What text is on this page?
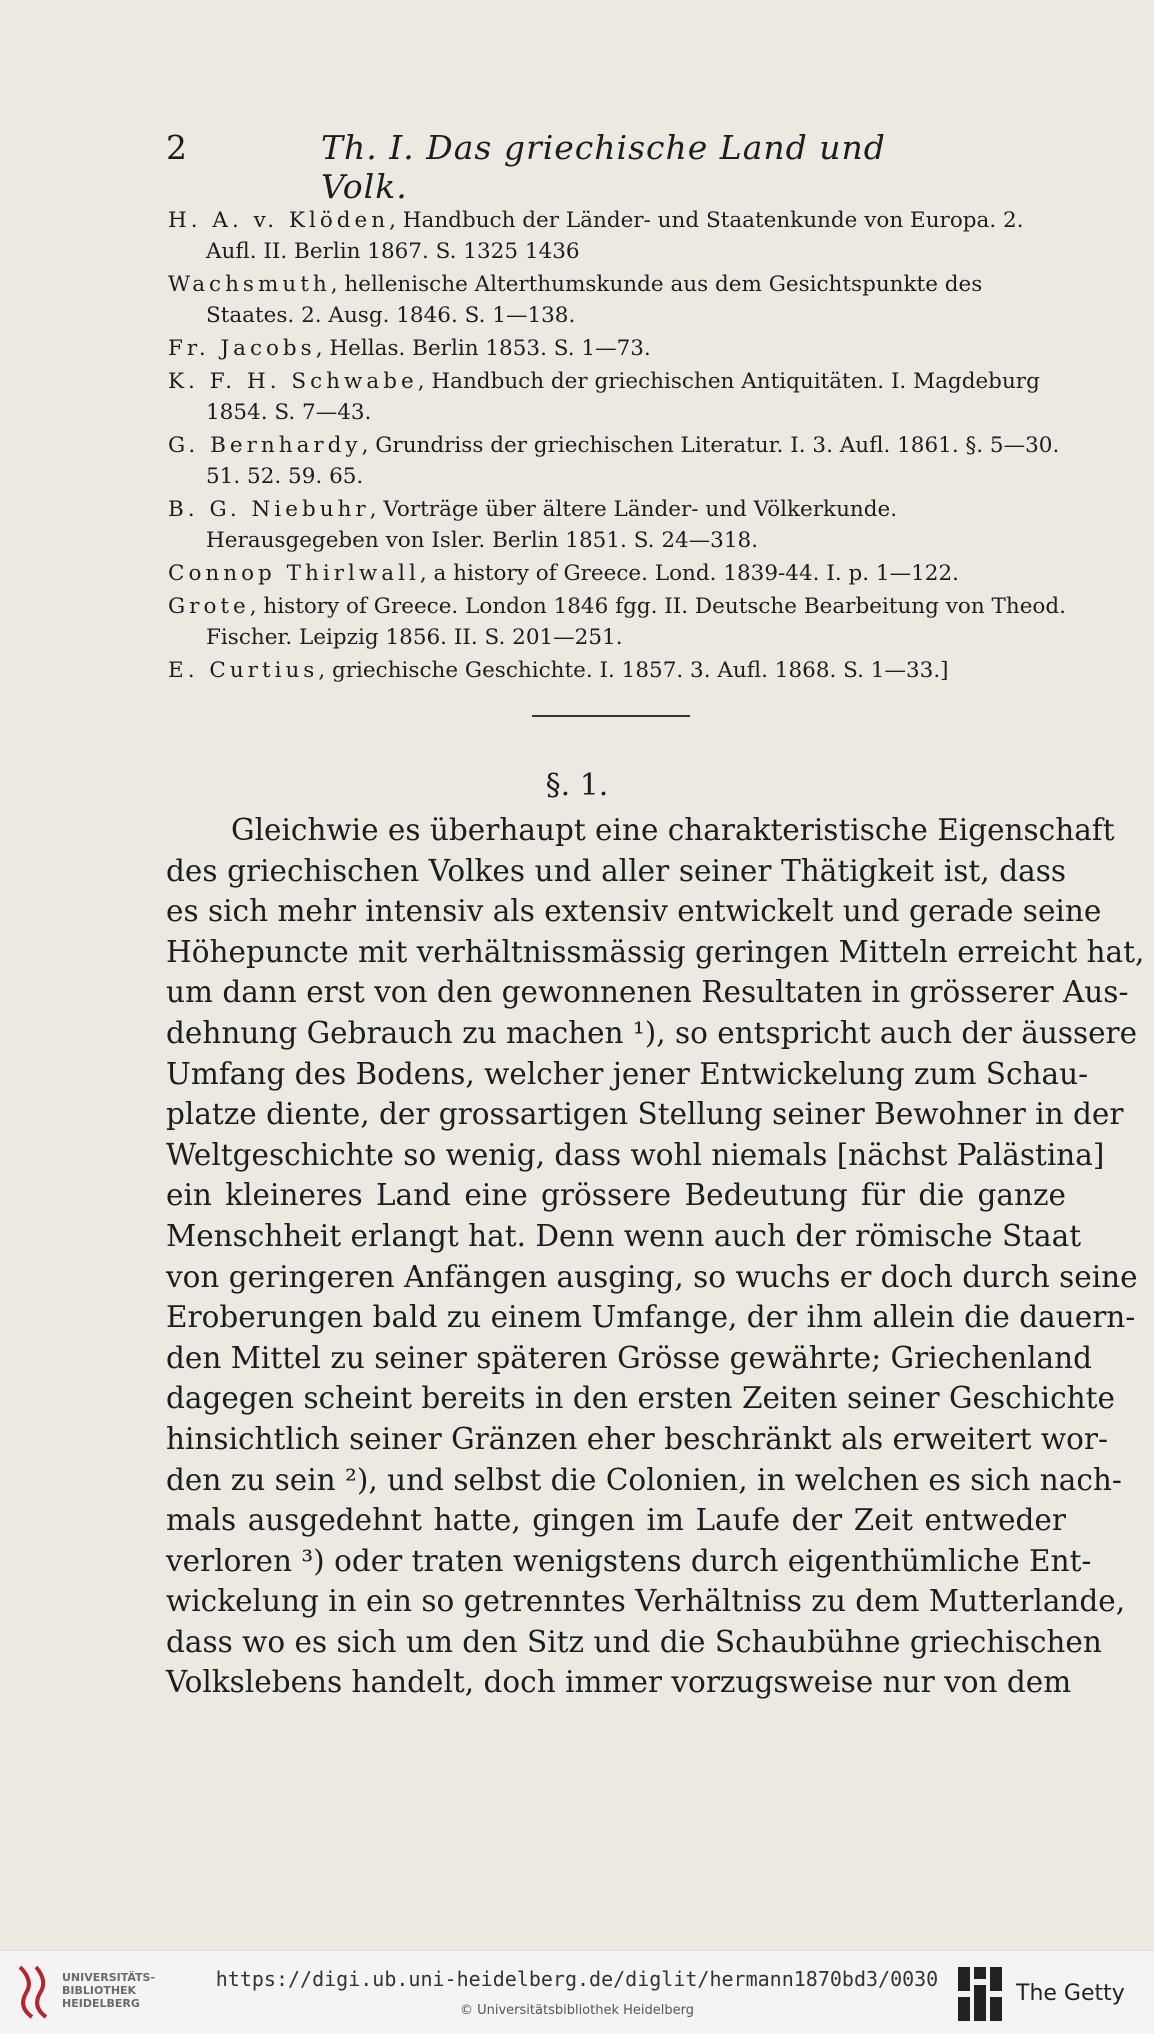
2	Th. I. Das griechische Land und Volk.
H. A. v. Klöden, Handbuch der Länder- und Staatenkunde von Europa. 2. Aufl. II. Berlin 1867. S. 1325 1436
Wachsmuth, hellenische Alterthumskunde aus dem Gesichtspunkte des Staates. 2. Ausg. 1846. S. 1—138.
Fr. Jacobs, Hellas. Berlin 1853. S. 1—73.
K. F. H. Schwabe, Handbuch der griechischen Antiquitäten. I. Magdeburg 1854. S. 7—43.
G. Bernhardy, Grundriss der griechischen Literatur. I. 3. Aufl. 1861. §. 5—30. 51. 52. 59. 65.
B. G. Niebuhr, Vorträge über ältere Länder- und Völkerkunde. Herausgegeben von Isler. Berlin 1851. S. 24—318.
Connop Thirlwall, a history of Greece. Lond. 1839-44. I. p. 1—122.
Grote, history of Greece. London 1846 fgg. II. Deutsche Bearbeitung von Theod. Fischer. Leipzig 1856. II. S. 201—251.
E. Curtius, griechische Geschichte. I. 1857. 3. Aufl. 1868. S. 1—33.]
§. 1.
Gleichwie es überhaupt eine charakteristische Eigenschaft
des griechischen Volkes und aller seiner Thätigkeit ist, dass
es sich mehr intensiv als extensiv entwickelt und gerade seine
Höhepuncte mit verhältnissmässig geringen Mitteln erreicht hat,
um dann erst von den gewonnenen Resultaten in grösserer Aus-
dehnung Gebrauch zu machen ¹), so entspricht auch der äussere
Umfang des Bodens, welcher jener Entwickelung zum Schau-
platze diente, der grossartigen Stellung seiner Bewohner in der
Weltgeschichte so wenig, dass wohl niemals [nächst Palästina]
ein kleineres Land eine grössere Bedeutung für die ganze
Menschheit erlangt hat. Denn wenn auch der römische Staat
von geringeren Anfängen ausging, so wuchs er doch durch seine
Eroberungen bald zu einem Umfange, der ihm allein die dauern-
den Mittel zu seiner späteren Grösse gewährte; Griechenland
dagegen scheint bereits in den ersten Zeiten seiner Geschichte
hinsichtlich seiner Gränzen eher beschränkt als erweitert wor-
den zu sein ²), und selbst die Colonien, in welchen es sich nach-
mals ausgedehnt hatte, gingen im Laufe der Zeit entweder
verloren ³) oder traten wenigstens durch eigenthümliche Ent-
wickelung in ein so getrenntes Verhältniss zu dem Mutterlande,
dass wo es sich um den Sitz und die Schaubühne griechischen
Volkslebens handelt, doch immer vorzugsweise nur von dem
UNIVERSITÄTS-
BIBLIOTHEK
HEIDELBERG
https://digi.ub.uni-heidelberg.de/diglit/hermann1870bd3/0030
© Universitätsbibliothek Heidelberg
The Getty
